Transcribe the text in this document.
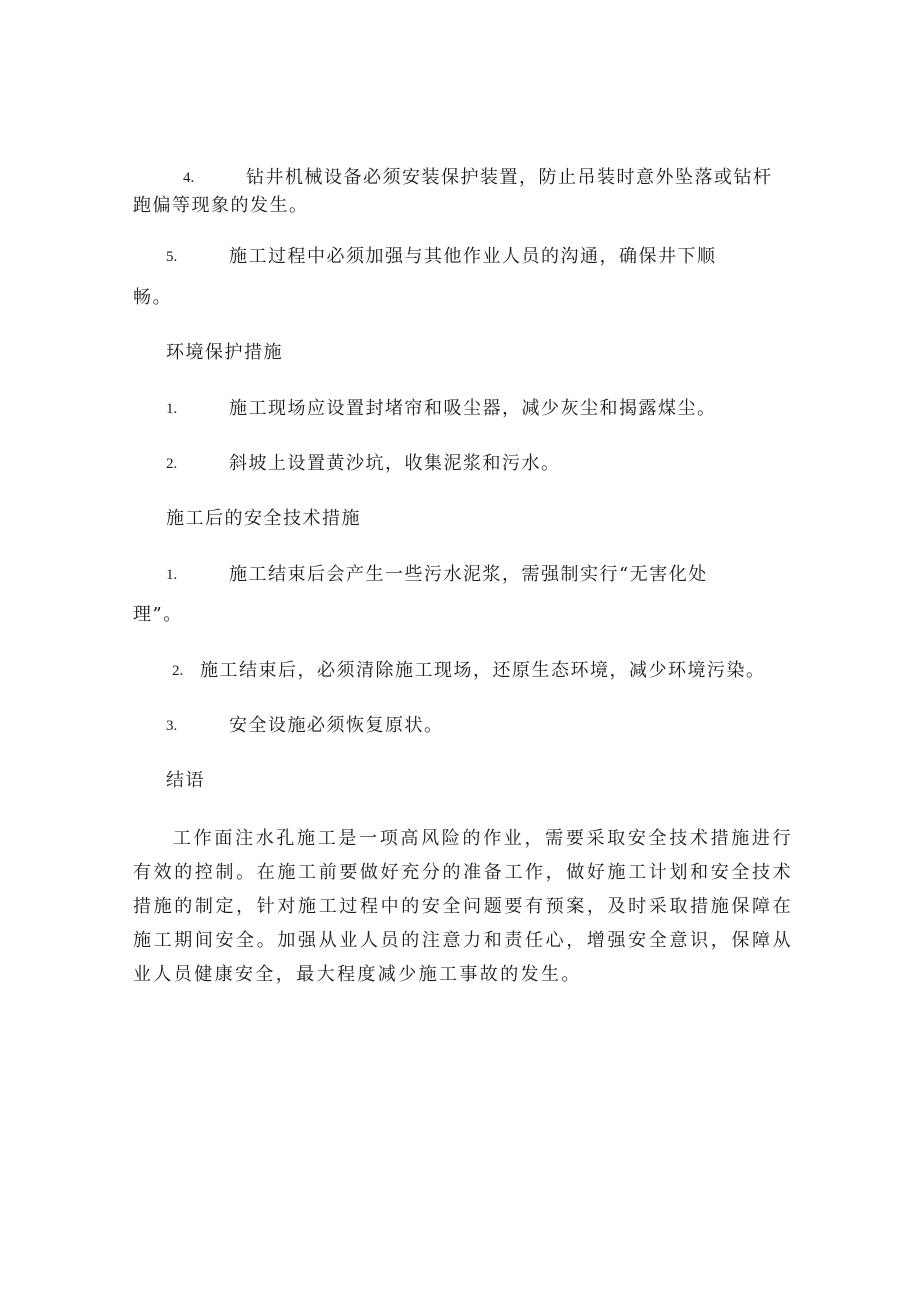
4.	钻井机械设备必须安装保护装置，防止吊装时意外坠落或钻杆
跑偏等现象的发生。
5.	施工过程中必须加强与其他作业人员的沟通，确保井下顺
畅。
环境保护措施
1.	施工现场应设置封堵帘和吸尘器，减少灰尘和揭露煤尘。
2.	斜坡上设置黄沙坑，收集泥浆和污水。
施工后的安全技术措施
1.	施工结束后会产生一些污水泥浆，需强制实行“无害化处
理”。
2. 施工结束后，必须清除施工现场，还原生态环境，减少环境污染。
3.	安全设施必须恢复原状。
结语
工作面注水孔施工是一项高风险的作业，需要采取安全技术措施进行有效的控制。在施工前要做好充分的准备工作，做好施工计划和安全技术措施的制定，针对施工过程中的安全问题要有预案，及时采取措施保障在施工期间安全。加强从业人员的注意力和责任心，增强安全意识，保障从业人员健康安全，最大程度减少施工事故的发生。
